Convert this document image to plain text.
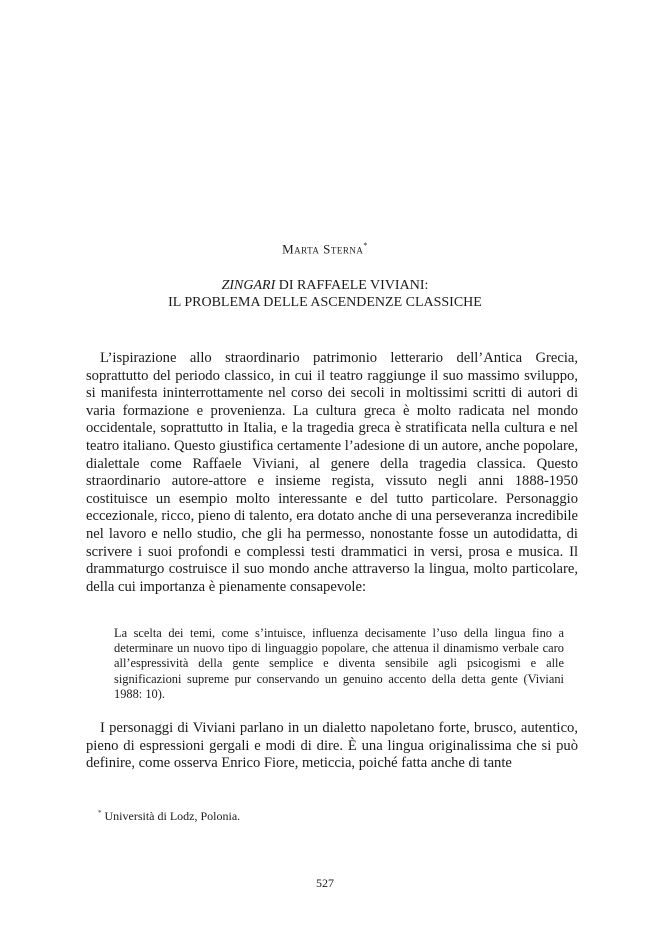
Marta Sterna*
ZINGARI DI RAFFAELE VIVIANI:
IL PROBLEMA DELLE ASCENDENZE CLASSICHE

L’ispirazione allo straordinario patrimonio letterario dell’Antica Grecia, soprattutto del periodo classico, in cui il teatro raggiunge il suo massimo sviluppo, si manifesta ininterrottamente nel corso dei secoli in moltissimi scritti di autori di varia formazione e provenienza. La cultura greca è molto radicata nel mondo occidentale, soprattutto in Italia, e la tragedia greca è stratificata nella cultura e nel teatro italiano. Questo giustifica certamente l’adesione di un autore, anche popolare, dialettale come Raffaele Viviani, al genere della tragedia classica. Questo straordinario autore-attore e insieme regista, vissuto negli anni 1888-1950 costituisce un esempio molto interessante e del tutto particolare. Personaggio eccezionale, ricco, pieno di talento, era dotato anche di una perseveranza incredibile nel lavoro e nello studio, che gli ha permesso, nonostante fosse un autodidatta, di scrivere i suoi profondi e complessi testi drammatici in versi, prosa e musica. Il drammaturgo costruisce il suo mondo anche attraverso la lingua, molto particolare, della cui importanza è pienamente consapevole:

La scelta dei temi, come s’intuisce, influenza decisamente l’uso della lingua fino a determinare un nuovo tipo di linguaggio popolare, che attenua il dinamismo verbale caro all’espressività della gente semplice e diventa sensibile agli psicogismi e alle significazioni supreme pur conservando un genuino accento della detta gente (Viviani 1988: 10).

I personaggi di Viviani parlano in un dialetto napoletano forte, brusco, autentico, pieno di espressioni gergali e modi di dire. È una lingua originalissima che si può definire, come osserva Enrico Fiore, meticcia, poiché fatta anche di tante

* Università di Lodz, Polonia.
527
